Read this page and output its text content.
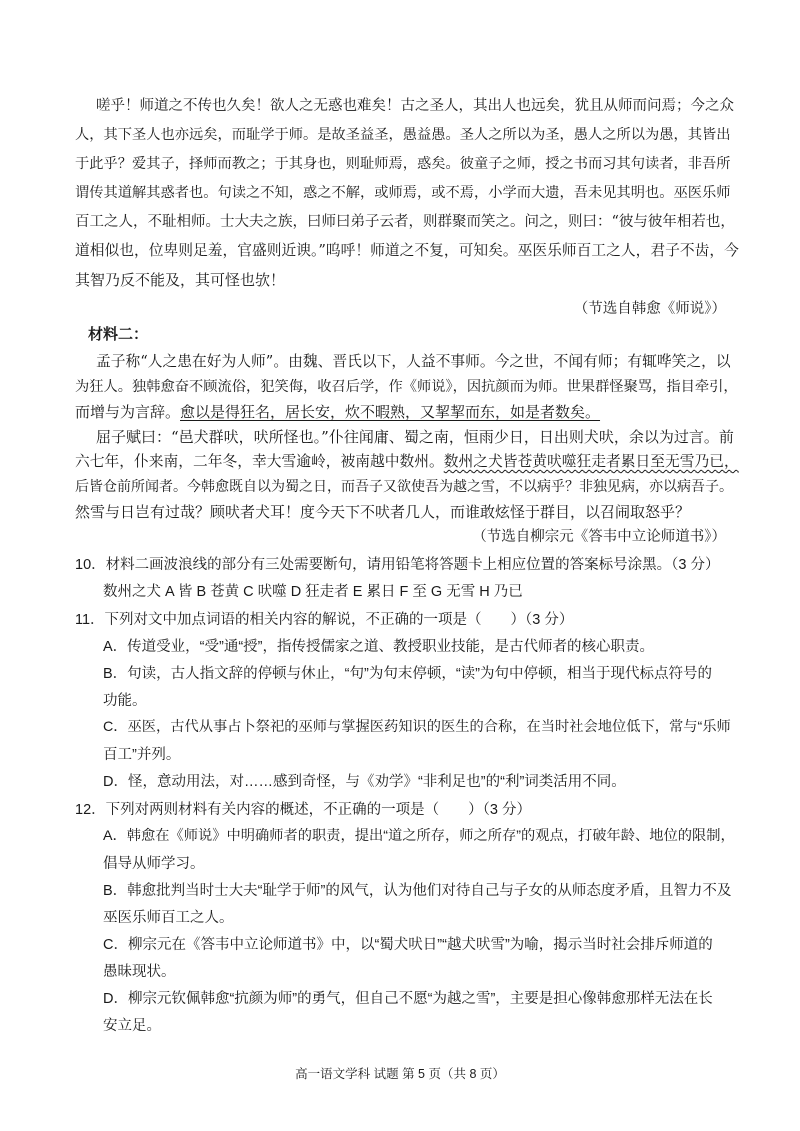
嗟乎！师道之不传也久矣！欲人之无惑也难矣！古之圣人，其出人也远矣，犹且从师而问焉；今之众
人，其下圣人也亦远矣，而耻学于师。是故圣益圣，愚益愚。圣人之所以为圣，愚人之所以为愚，其皆出
于此乎？爱其子，择师而教之；于其身也，则耻师焉，惑矣。彼童子之师，授之书而习其句读者，非吾所
谓传其道解其惑者也。句读之不知，惑之不解，或师焉，或不焉，小学而大遗，吾未见其明也。巫医乐师
百工之人，不耻相师。士大夫之族，曰师曰弟子云者，则群聚而笑之。问之，则曰：“彼与彼年相若也，
道相似也，位卑则足羞，官盛则近谀。”呜呼！师道之不复，可知矣。巫医乐师百工之人，君子不齿，今
其智乃反不能及，其可怪也欤！
（节选自韩愈《师说》）
材料二：
孟子称“人之患在好为人师”。由魏、晋氏以下，人益不事师。今之世，不闻有师；有辄哗笑之，以
为狂人。独韩愈奋不顾流俗，犯笑侮，收召后学，作《师说》，因抗颜而为师。世果群怪聚骂，指目牵引，
而增与为言辞。愈以是得狂名，居长安，炊不暇熟，又挈挈而东，如是者数矣。
屈子赋曰：“邑犬群吠，吠所怪也。”仆往闻庸、蜀之南，恒雨少日，日出则犬吠，余以为过言。前
六七年，仆来南，二年冬，幸大雪逾岭，被南越中数州。数州之犬皆苍黄吠噬狂走者累日至无雪乃已，
后皆仓前所闻者。今韩愈既自以为蜀之日，而吾子又欲使吾为越之雪，不以病乎？非独见病，亦以病吾子。
然雪与日岂有过哉？顾吠者犬耳！度今天下不吠者几人，而谁敢炫怪于群目，以召闹取怒乎？
（节选自柳宗元《答韦中立论师道书》）
10．材料二画波浪线的部分有三处需要断句，请用铅笔将答题卡上相应位置的答案标号涂黑。（3 分）
数州之犬 A 皆 B 苍黄 C 吠噬 D 狂走者 E 累日 F 至 G 无雪 H 乃已
11．下列对文中加点词语的相关内容的解说，不正确的一项是（　　）（3 分）
A．传道受业，“受”通“授”，指传授儒家之道、教授职业技能，是古代师者的核心职责。
B．句读，古人指文辞的停顿与休止，“句”为句末停顿，“读”为句中停顿，相当于现代标点符号的
功能。
C．巫医，古代从事占卜祭祀的巫师与掌握医药知识的医生的合称，在当时社会地位低下，常与“乐师
百工”并列。
D．怪，意动用法，对……感到奇怪，与《劝学》“非利足也”的“利”词类活用不同。
12．下列对两则材料有关内容的概述，不正确的一项是（　　）（3 分）
A．韩愈在《师说》中明确师者的职责，提出“道之所存，师之所存”的观点，打破年龄、地位的限制，
倡导从师学习。
B．韩愈批判当时士大夫“耻学于师”的风气，认为他们对待自己与子女的从师态度矛盾，且智力不及
巫医乐师百工之人。
C．柳宗元在《答韦中立论师道书》中，以“蜀犬吠日”“越犬吠雪”为喻，揭示当时社会排斥师道的
愚昧现状。
D．柳宗元钦佩韩愈“抗颜为师”的勇气，但自己不愿“为越之雪”，主要是担心像韩愈那样无法在长
安立足。
高一语文学科 试题 第 5 页（共 8 页）
